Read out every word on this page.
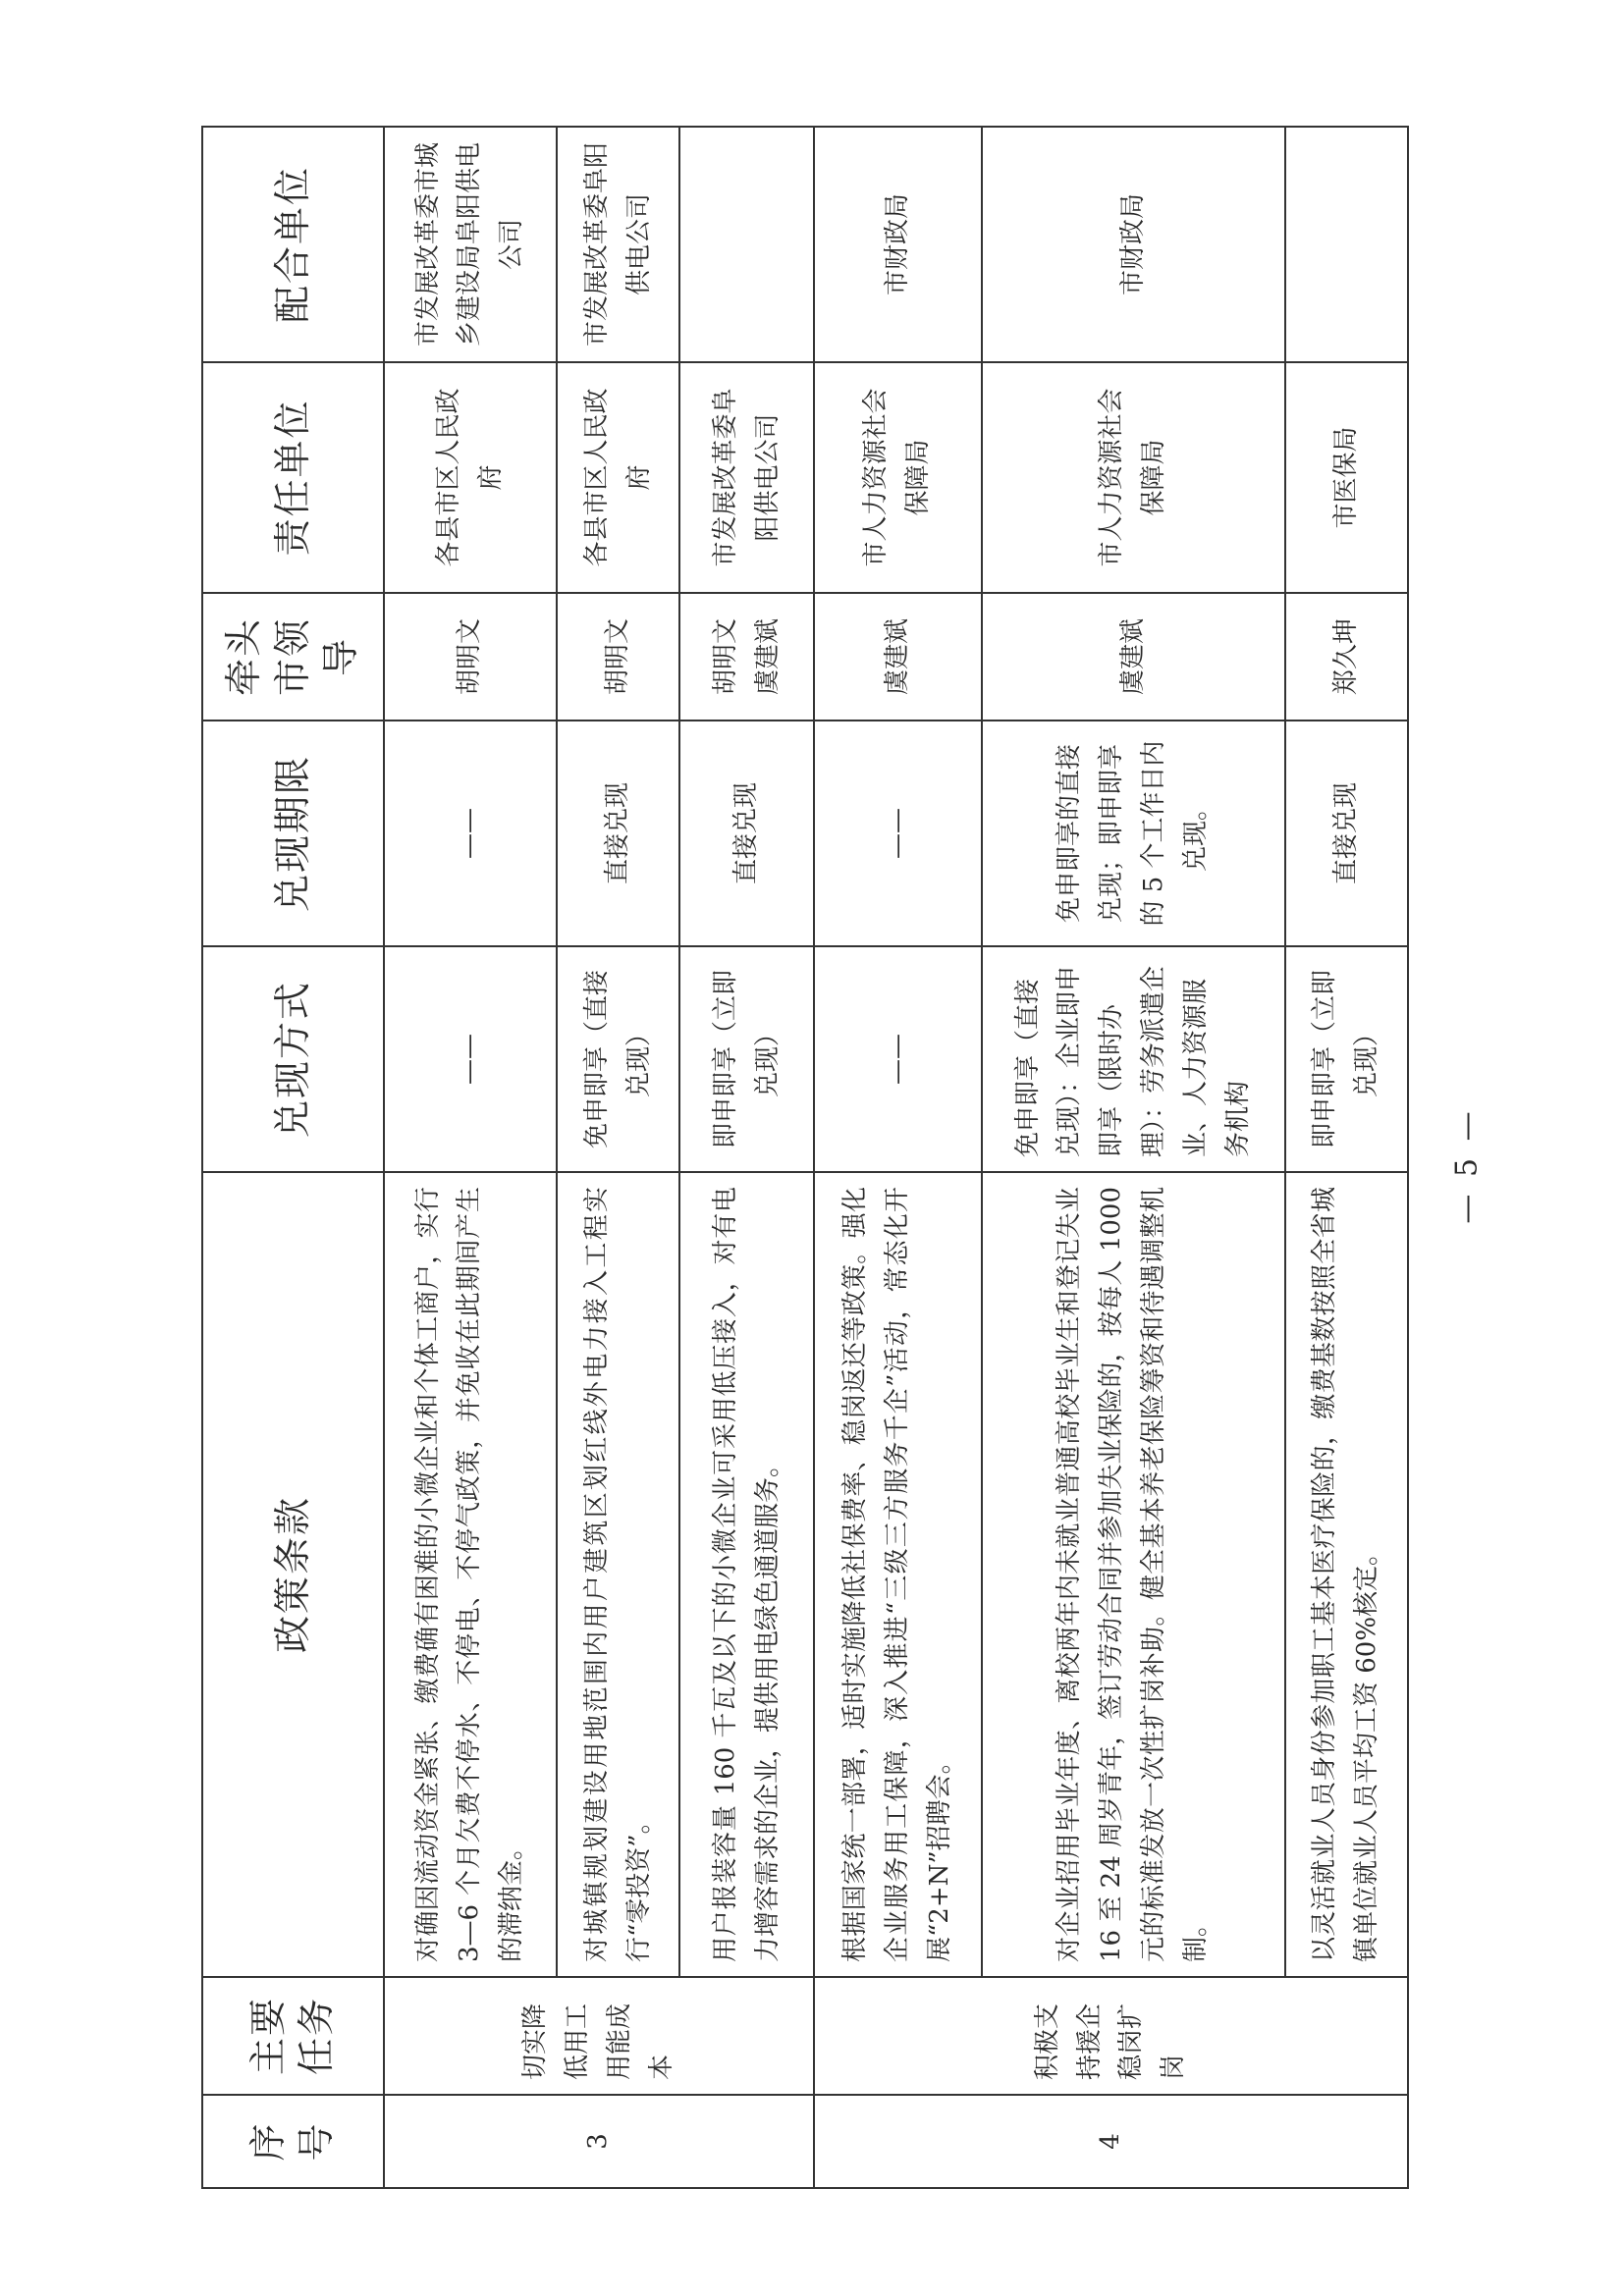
序号	主要任务	政策条款	兑现方式	兑现期限	牵头市领导	责任单位	配合单位
3	切实降低用工用能成本	对确因流动资金紧张、缴费确有困难的小微企业和个体工商户，实行 3—6 个月欠费不停水、不停电、不停气政策，并免收在此期间产生的滞纳金。	——	——	胡明文	各县市区人民政府	市发展改革委市城乡建设局阜阳供电公司
		对城镇规划建设用地范围内用户建筑区划红线外电力接入工程实行“零投资”。	免申即享（直接兑现）	直接兑现	胡明文	各县市区人民政府	市发展改革委阜阳供电公司
		用户报装容量 160 千瓦及以下的小微企业可采用低压接入，对有电力增容需求的企业，提供用电绿色通道服务。	即申即享（立即兑现）	直接兑现	胡明文 虞建斌	市发展改革委阜阳供电公司	
4	积极支持援企稳岗扩岗	根据国家统一部署，适时实施降低社保费率、稳岗返还等政策。强化企业服务用工保障，深入推进“三级三方服务千企”活动，常态化开展“2+N”招聘会。	——	——	虞建斌	市人力资源社会保障局	市财政局
		对企业招用毕业年度、离校两年内未就业普通高校毕业生和登记失业 16 至 24 周岁青年，签订劳动合同并参加失业保险的，按每人 1000 元的标准发放一次性扩岗补助。健全基本养老保险筹资和待遇调整机制。	免申即享（直接兑现）：企业即申即享（限时办理）：劳务派遣企业、人力资源服务机构	免申即享的直接兑现；即申即享的 5 个工作日内兑现。	虞建斌	市人力资源社会保障局	市财政局
		以灵活就业人员身份参加职工基本医疗保险的，缴费基数按照全省城镇单位就业人员平均工资 60%核定。	即申即享（立即兑现）	直接兑现	郑久坤	市医保局	
— 5 —
